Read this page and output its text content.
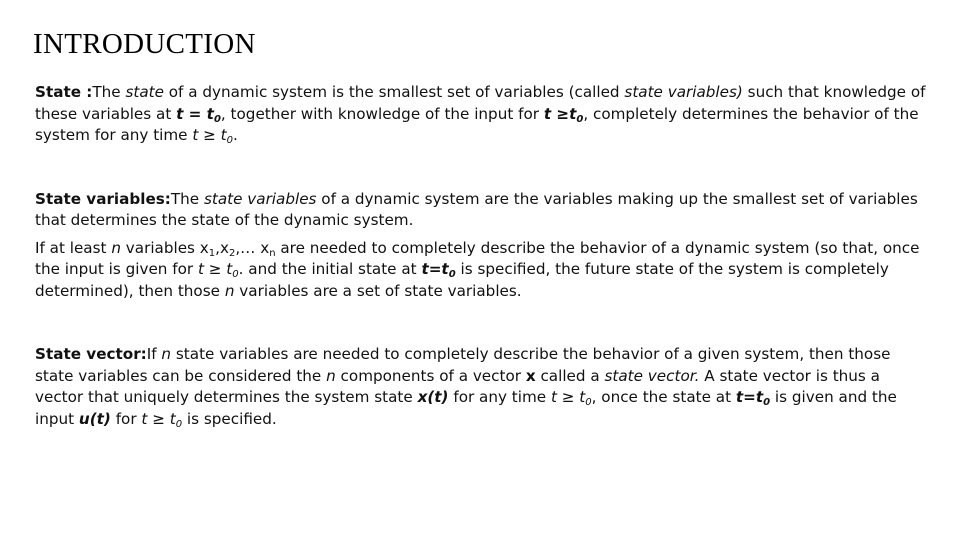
INTRODUCTION

State :The state of a dynamic system is the smallest set of variables (called state variables) such that knowledge of these variables at $t = t_0$, together with knowledge of the input for $t \ge t_0$, completely determines the behavior of the system for any time $t \ge t_0$.

State variables:The state variables of a dynamic system are the variables making up the smallest set of variables that determines the state of the dynamic system.

If at least n variables $x_1,x_2,\dots$ $x_n$ are needed to completely describe the behavior of a dynamic system (so that, once the input is given for $t \ge t_0$. and the initial state at $t=t_0$ is specified, the future state of the system is completely determined), then those n variables are a set of state variables.

State vector:If n state variables are needed to completely describe the behavior of a given system, then those state variables can be considered the n components of a vector x called a state vector. A state vector is thus a vector that uniquely determines the system state x(t) for any time $t \ge t_0$, once the state at $t=t_0$ is given and the input u(t) for $t \ge t_0$ is specified.
